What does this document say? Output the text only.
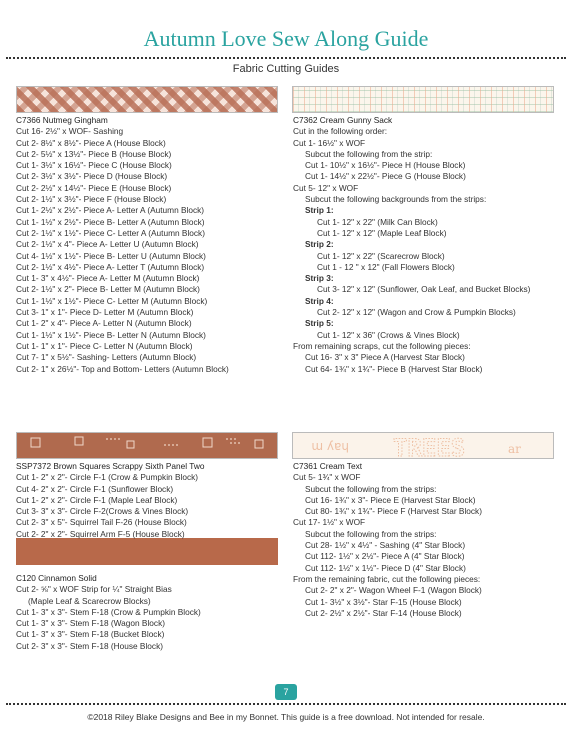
Autumn Love Sew Along Guide
Fabric Cutting Guides
hay m TREES	ar
C7366 Nutmeg Gingham
Cut 16- 2½" x WOF- Sashing
Cut 2- 8½" x 8½"- Piece A (House Block)
Cut 2- 5½" x 13½"- Piece B (House Block)
Cut 1- 3½" x 16½"- Piece C (House Block)
Cut 2- 3½" x 3½"- Piece D (House Block)
Cut 2- 2½" x 14½"- Piece E (House Block)
Cut 2- 1½" x 3½"- Piece F (House Block)
Cut 1- 2½" x 2½"- Piece A- Letter A (Autumn Block)
Cut 1- 1½" x 2½"- Piece B- Letter A (Autumn Block)
Cut 2- 1½" x 1½"- Piece C- Letter A (Autumn Block)
Cut 2- 1½" x 4"- Piece A- Letter U (Autumn Block)
Cut 4- 1½" x 1½"- Piece B- Letter U (Autumn Block)
Cut 2- 1½" x 4½"- Piece A- Letter T (Autumn Block)
Cut 1- 3" x 4½"- Piece A- Letter M (Autumn Block)
Cut 2- 1½" x 2"- Piece B- Letter M (Autumn Block)
Cut 1- 1½" x 1½"- Piece C- Letter M (Autumn Block)
Cut 3- 1" x 1"- Piece D- Letter M (Autumn Block)
Cut 1- 2" x 4"- Piece A- Letter N (Autumn Block)
Cut 1- 1½" x 1½"- Piece B- Letter N (Autumn Block)
Cut 1- 1" x 1"- Piece C- Letter N (Autumn Block)
Cut 7- 1" x 5½"- Sashing- Letters (Autumn Block)
Cut 2- 1" x 26½"- Top and Bottom- Letters (Autumn Block)
SSP7372 Brown Squares Scrappy Sixth Panel Two
Cut 1- 2" x 2"- Circle F-1 (Crow & Pumpkin Block)
Cut 4- 2" x 2"- Circle F-1 (Sunflower Block)
Cut 1- 2" x 2"- Circle F-1 (Maple Leaf Block)
Cut 3- 3" x 3"- Circle F-2(Crows & Vines Block)
Cut 2- 3" x 5"- Squirrel Tail F-26 (House Block)
Cut 2- 2" x 2"- Squirrel Arm F-5 (House Block)
C120 Cinnamon Solid
Cut 2- ⅝" x WOF Strip for ¼" Straight Bias
(Maple Leaf & Scarecrow Blocks)
Cut 1- 3" x 3"- Stem F-18 (Crow & Pumpkin Block)
Cut 1- 3" x 3"- Stem F-18 (Wagon Block)
Cut 1- 3" x 3"- Stem F-18 (Bucket Block)
Cut 2- 3" x 3"- Stem F-18 (House Block)
C7362 Cream Gunny Sack
Cut in the following order:
Cut 1- 16½" x WOF
Subcut the following from the strip:
Cut 1- 10½" x 16½"- Piece H (House Block)
Cut 1- 14½" x 22½"- Piece G (House Block)
Cut 5- 12" x WOF
Subcut the following backgrounds from the strips:
Strip 1:
Cut 1- 12" x 22" (Milk Can Block)
Cut 1- 12" x 12" (Maple Leaf Block)
Strip 2:
Cut 1- 12" x 22" (Scarecrow Block)
Cut 1 - 12 " x 12" (Fall Flowers Block)
Strip 3:
Cut 3- 12" x 12" (Sunflower, Oak Leaf, and Bucket Blocks)
Strip 4:
Cut 2- 12" x 12" (Wagon and Crow & Pumpkin Blocks)
Strip 5:
Cut 1- 12" x 36" (Crows & Vines Block)
From remaining scraps, cut the following pieces:
Cut 16- 3" x 3" Piece A (Harvest Star Block)
Cut 64- 1¾" x 1¾"- Piece B (Harvest Star Block)
C7361 Cream Text
Cut 5- 1¾" x WOF
Subcut the following from the strips:
Cut 16- 1¾" x 3"- Piece E (Harvest Star Block)
Cut 80- 1¾" x 1¾"- Piece F (Harvest Star Block)
Cut 17- 1½" x WOF
Subcut the following from the strips:
Cut 28- 1½" x 4½" - Sashing (4" Star Block)
Cut 112- 1½" x 2½"- Piece A (4" Star Block)
Cut 112- 1½" x 1½"- Piece D (4" Star Block)
From the remaining fabric, cut the following pieces:
Cut 2- 2" x 2"- Wagon Wheel F-1 (Wagon Block)
Cut 1- 3½" x 3½"- Star F-15 (House Block)
Cut 2- 2½" x 2½"- Star F-14 (House Block)
7
©2018 Riley Blake Designs and Bee in my Bonnet. This guide is a free download. Not intended for resale.
